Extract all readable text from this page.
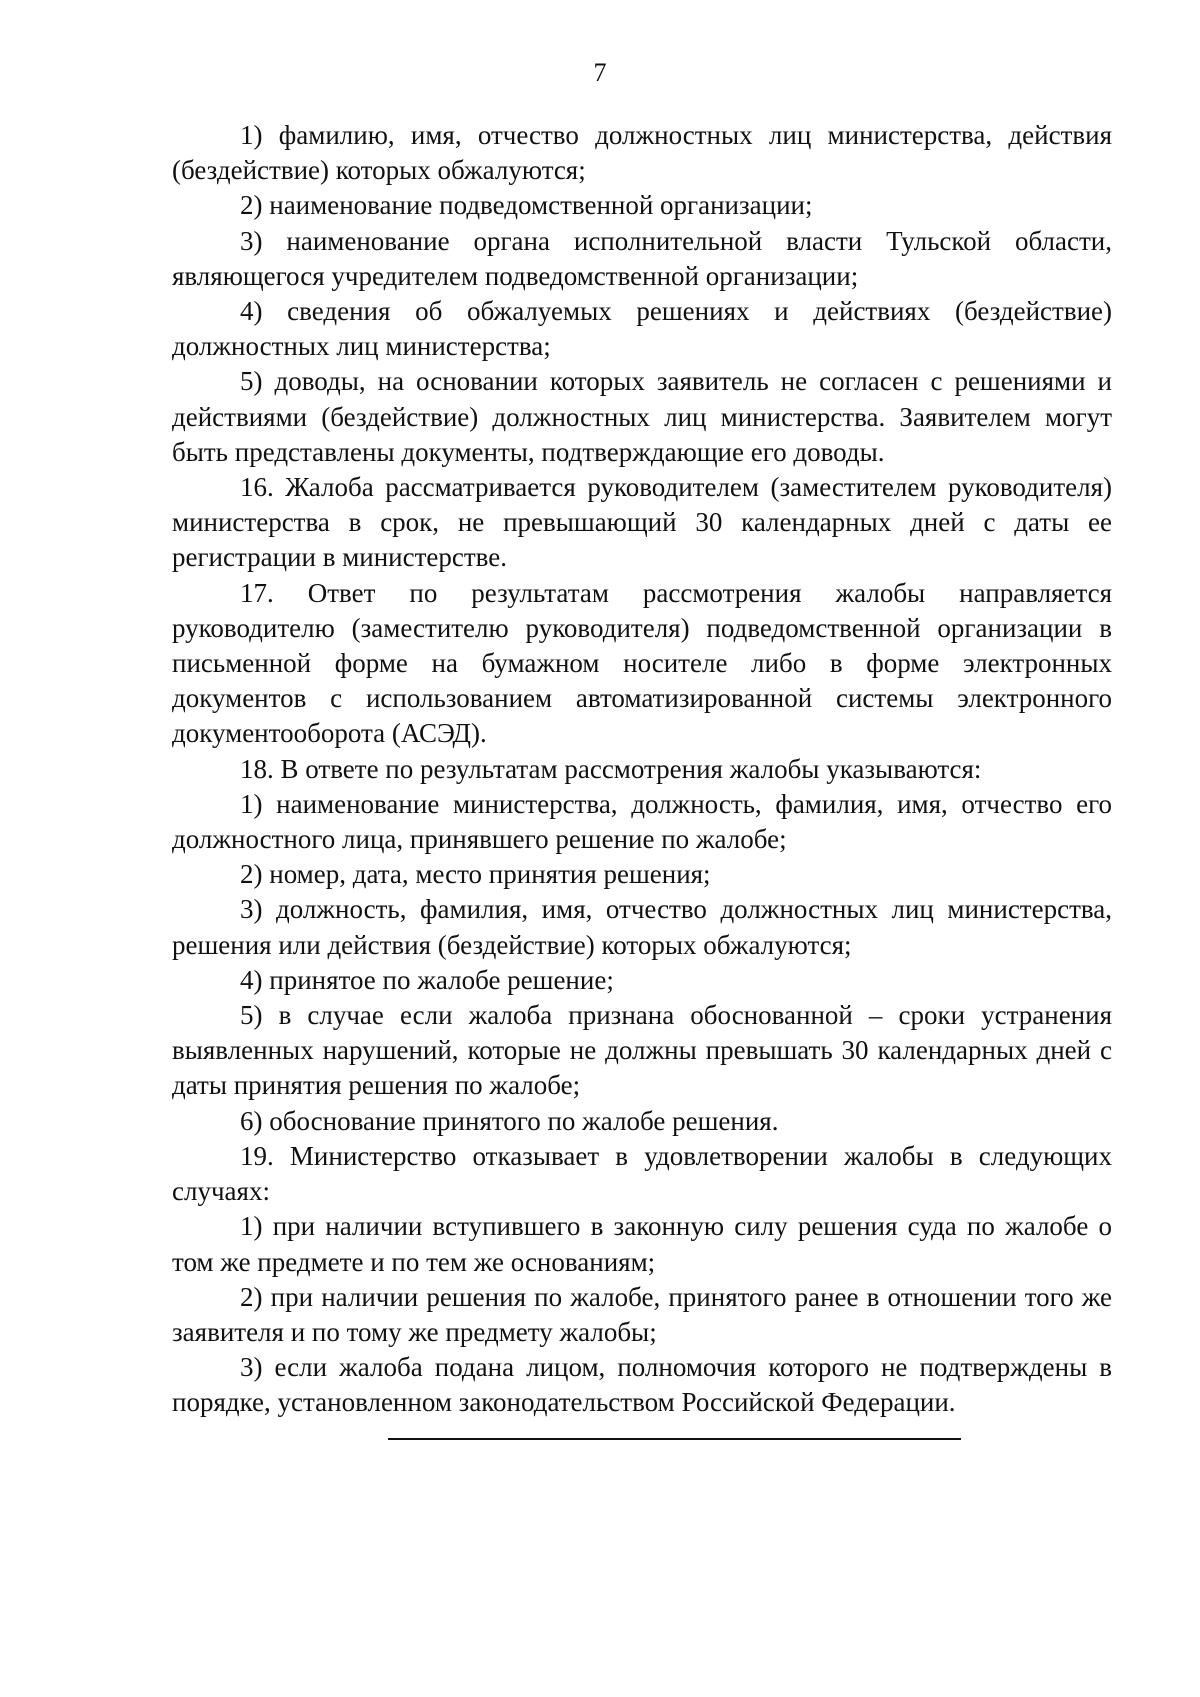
7

1) фамилию, имя, отчество должностных лиц министерства, действия (бездействие) которых обжалуются;

2) наименование подведомственной организации;

3) наименование органа исполнительной власти Тульской области, являющегося учредителем подведомственной организации;

4) сведения об обжалуемых решениях и действиях (бездействие) должностных лиц министерства;

5) доводы, на основании которых заявитель не согласен с решениями и действиями (бездействие) должностных лиц министерства. Заявителем могут быть представлены документы, подтверждающие его доводы.

16. Жалоба рассматривается руководителем (заместителем руководителя) министерства в срок, не превышающий 30 календарных дней с даты ее регистрации в министерстве.

17. Ответ по результатам рассмотрения жалобы направляется руководителю (заместителю руководителя) подведомственной организации в письменной форме на бумажном носителе либо в форме электронных документов с использованием автоматизированной системы электронного документооборота (АСЭД).

18. В ответе по результатам рассмотрения жалобы указываются:

1) наименование министерства, должность, фамилия, имя, отчество его должностного лица, принявшего решение по жалобе;

2) номер, дата, место принятия решения;

3) должность, фамилия, имя, отчество должностных лиц министерства, решения или действия (бездействие) которых обжалуются;

4) принятое по жалобе решение;

5) в случае если жалоба признана обоснованной – сроки устранения выявленных нарушений, которые не должны превышать 30 календарных дней с даты принятия решения по жалобе;

6) обоснование принятого по жалобе решения.

19. Министерство отказывает в удовлетворении жалобы в следующих случаях:

1) при наличии вступившего в законную силу решения суда по жалобе о том же предмете и по тем же основаниям;

2) при наличии решения по жалобе, принятого ранее в отношении того же заявителя и по тому же предмету жалобы;

3) если жалоба подана лицом, полномочия которого не подтверждены в порядке, установленном законодательством Российской Федерации.
